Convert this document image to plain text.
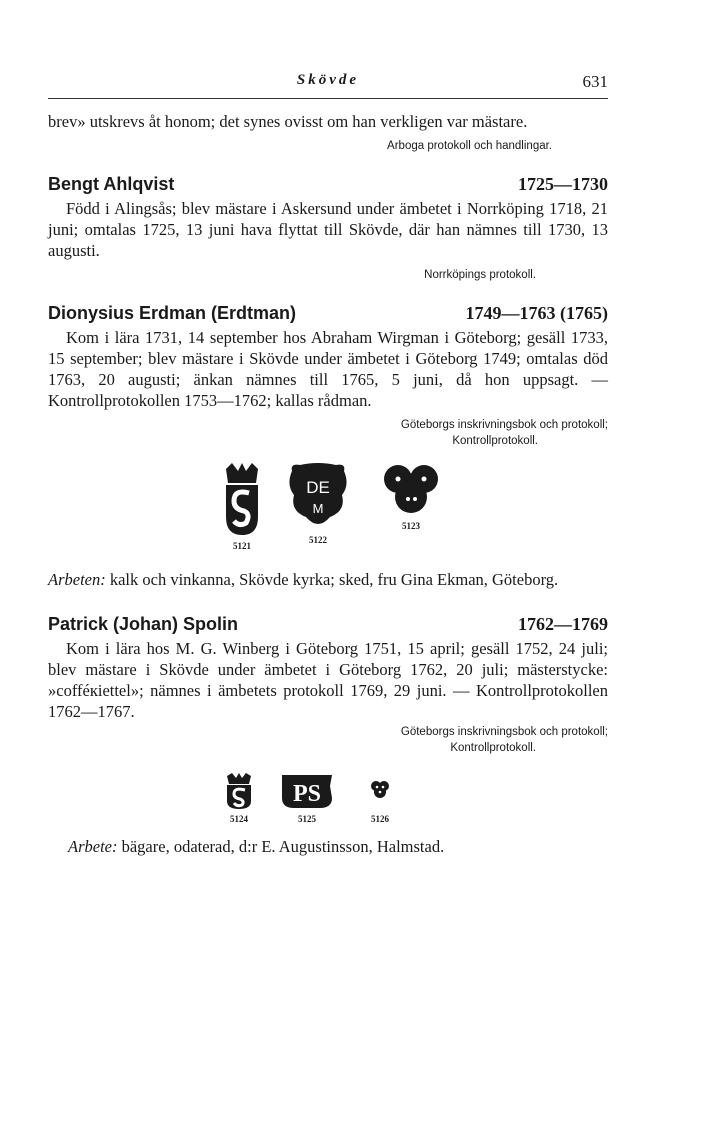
Skövde	631

brev» utskrevs åt honom; det synes ovisst om han verkligen var mästare.

Arboga protokoll och handlingar.

Bengt Ahlqvist	1725—1730

Född i Alingsås; blev mästare i Askersund under ämbetet i Norrköping 1718, 21 juni; omtalas 1725, 13 juni hava flyttat till Skövde, där han nämnes till 1730, 13 augusti.

Norrköpings protokoll.

Dionysius Erdman (Erdtman)	1749—1763 (1765)

Kom i lära 1731, 14 september hos Abraham Wirgman i Göteborg; gesäll 1733, 15 september; blev mästare i Skövde under ämbetet i Göteborg 1749; omtalas död 1763, 20 augusti; änkan nämnes till 1765, 5 juni, då hon uppsagt. — Kontrollprotokollen 1753—1762; kallas rådman.

Göteborgs inskrivningsbok och protokoll;

Kontrollprotokoll.

5121
DE
M
5122
5123

Arbeten: kalk och vinkanna, Skövde kyrka; sked, fru Gina Ekman, Göteborg.

Patrick (Johan) Spolin	1762—1769

Kom i lära hos M. G. Winberg i Göteborg 1751, 15 april; gesäll 1752, 24 juli; blev mästare i Skövde under ämbetet i Göteborg 1762, 20 juli; mästerstycke: »cofféкiettel»; nämnes i ämbetets protokoll 1769, 29 juni. — Kontrollprotokollen 1762—1767.

Göteborgs inskrivningsbok och protokoll;

Kontrollprotokoll.

5124
PS
5125	5126

Arbete: bägare, odaterad, d:r E. Augustinsson, Halmstad.
